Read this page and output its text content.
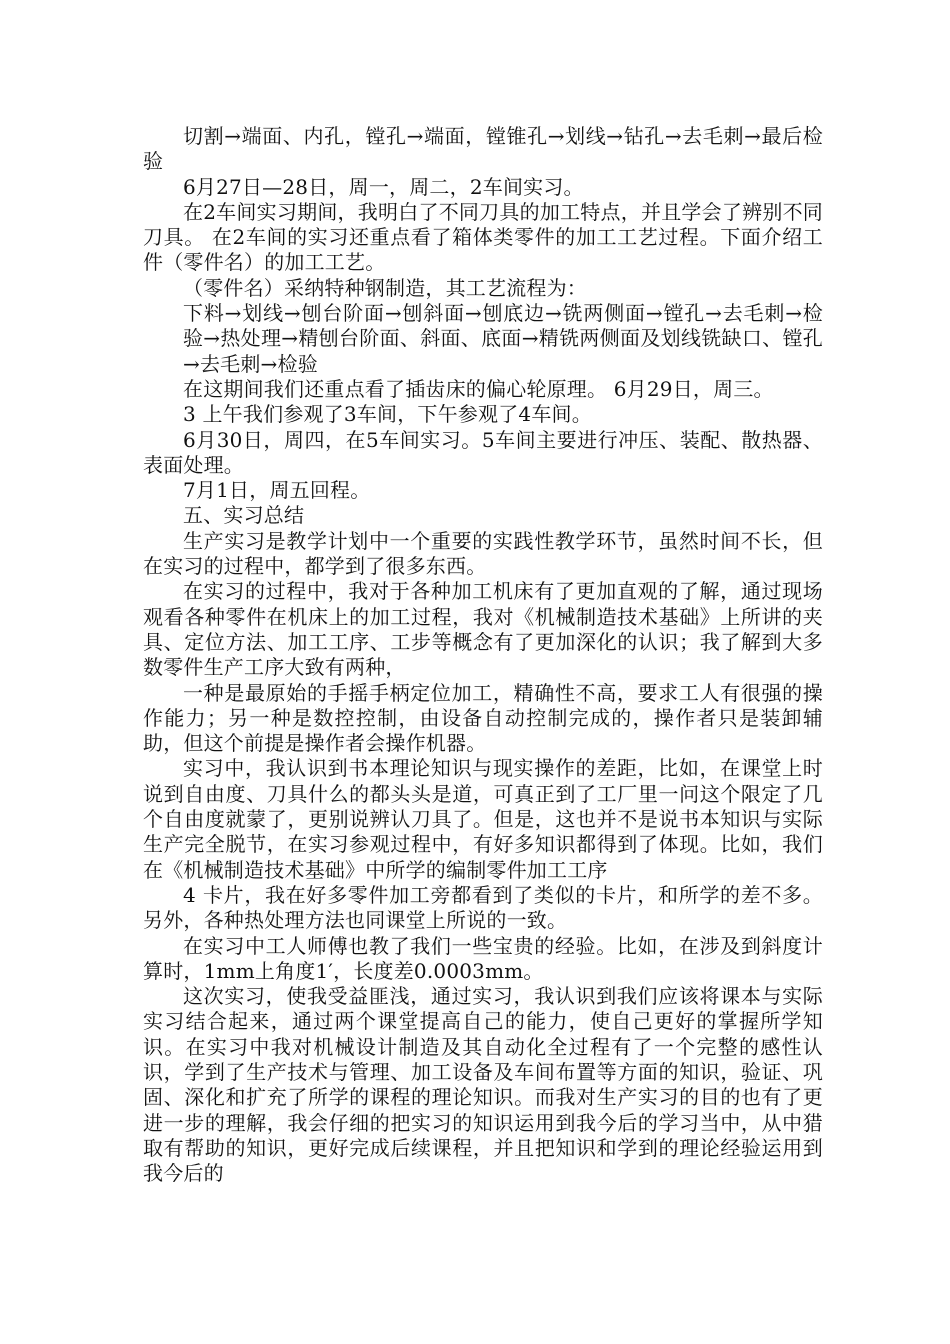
切割→端面、内孔，镗孔→端面，镗锥孔→划线→钻孔→去毛刺→最后检验

6月27日—28日，周一，周二，2车间实习。

在2车间实习期间，我明白了不同刀具的加工特点，并且学会了辨别不同刀具。 在2车间的实习还重点看了箱体类零件的加工工艺过程。下面介绍工件（零件名）的加工工艺。

（零件名）采纳特种钢制造，其工艺流程为：

下料→划线→刨台阶面→刨斜面→刨底边→铣两侧面→镗孔→去毛刺→检验→热处理→精刨台阶面、斜面、底面→精铣两侧面及划线铣缺口、镗孔→去毛刺→检验

在这期间我们还重点看了插齿床的偏心轮原理。 6月29日，周三。

3 上午我们参观了3车间，下午参观了4车间。

6月30日，周四，在5车间实习。5车间主要进行冲压、装配、散热器、表面处理。

7月1日，周五回程。

五、实习总结

生产实习是教学计划中一个重要的实践性教学环节，虽然时间不长，但在实习的过程中，都学到了很多东西。

在实习的过程中，我对于各种加工机床有了更加直观的了解，通过现场观看各种零件在机床上的加工过程，我对《机械制造技术基础》上所讲的夹具、定位方法、加工工序、工步等概念有了更加深化的认识；我了解到大多数零件生产工序大致有两种，

一种是最原始的手摇手柄定位加工，精确性不高，要求工人有很强的操作能力；另一种是数控控制，由设备自动控制完成的，操作者只是装卸辅助，但这个前提是操作者会操作机器。

实习中，我认识到书本理论知识与现实操作的差距，比如，在课堂上时说到自由度、刀具什么的都头头是道，可真正到了工厂里一问这个限定了几个自由度就蒙了，更别说辨认刀具了。但是，这也并不是说书本知识与实际生产完全脱节，在实习参观过程中，有好多知识都得到了体现。比如，我们在《机械制造技术基础》中所学的编制零件加工工序

4 卡片，我在好多零件加工旁都看到了类似的卡片，和所学的差不多。另外，各种热处理方法也同课堂上所说的一致。

在实习中工人师傅也教了我们一些宝贵的经验。比如，在涉及到斜度计算时，1mm上角度1′，长度差0.0003mm。

这次实习，使我受益匪浅，通过实习，我认识到我们应该将课本与实际实习结合起来，通过两个课堂提高自己的能力，使自己更好的掌握所学知识。在实习中我对机械设计制造及其自动化全过程有了一个完整的感性认识，学到了生产技术与管理、加工设备及车间布置等方面的知识，验证、巩固、深化和扩充了所学的课程的理论知识。而我对生产实习的目的也有了更进一步的理解，我会仔细的把实习的知识运用到我今后的学习当中，从中猎取有帮助的知识，更好完成后续课程，并且把知识和学到的理论经验运用到我今后的
